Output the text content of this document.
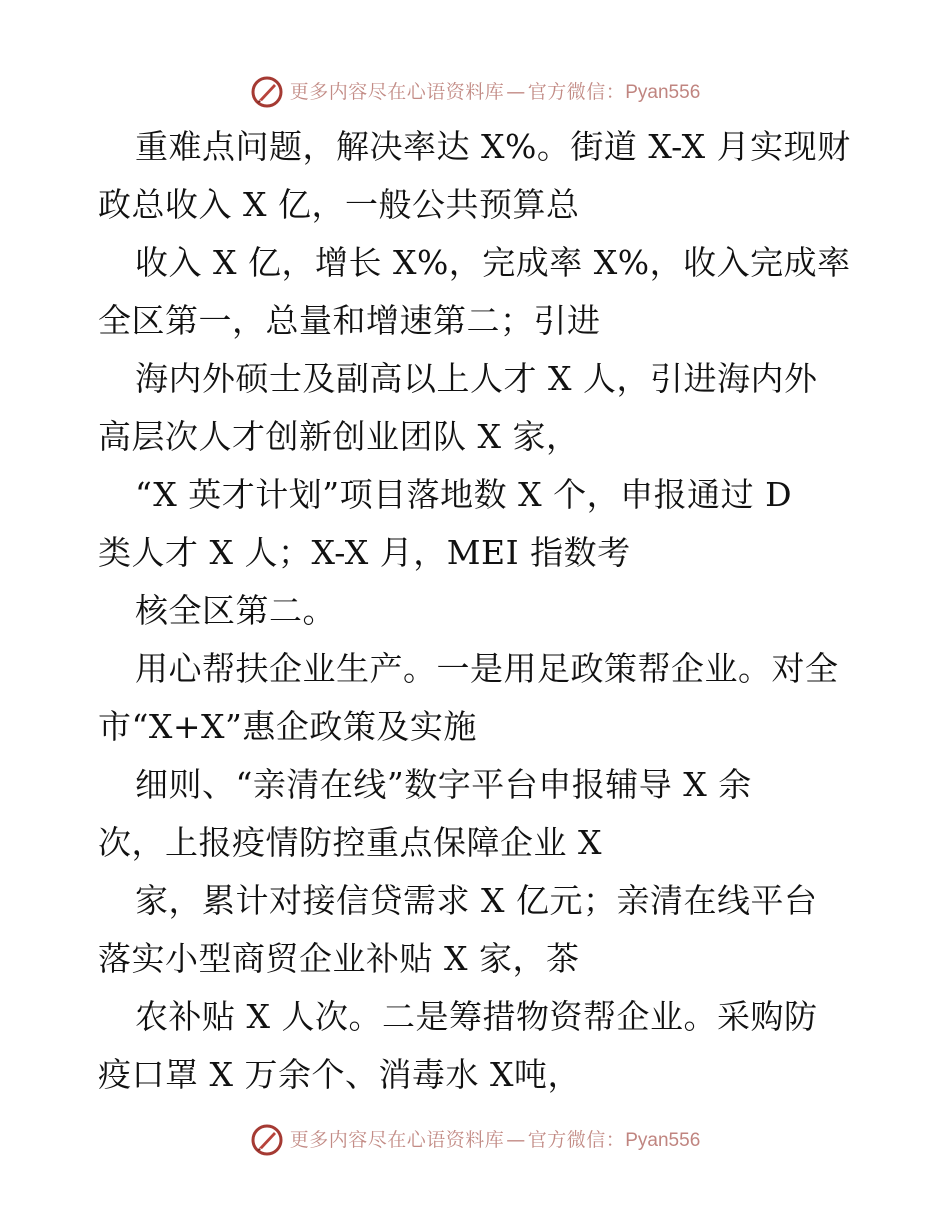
更多内容尽在心语资料库 — 官方微信： Pyan556
重难点问题，解决率达 X%。街道 X-X 月实现财
政总收入 X 亿，一般公共预算总
收入 X 亿，增长 X%，完成率 X%，收入完成率
全区第一，总量和增速第二；引进
海内外硕士及副高以上人才 X 人，引进海内外
高层次人才创新创业团队 X 家，
“X 英才计划”项目落地数 X 个，申报通过 D
类人才 X 人；X-X 月，MEI 指数考
核全区第二。
用心帮扶企业生产。一是用足政策帮企业。对全
市“X+X”惠企政策及实施
细则、“亲清在线”数字平台申报辅导 X 余
次，上报疫情防控重点保障企业 X
家，累计对接信贷需求 X 亿元；亲清在线平台
落实小型商贸企业补贴 X 家，茶
农补贴 X 人次。二是筹措物资帮企业。采购防
疫口罩 X 万余个、消毒水 X吨，
更多内容尽在心语资料库 — 官方微信： Pyan556
